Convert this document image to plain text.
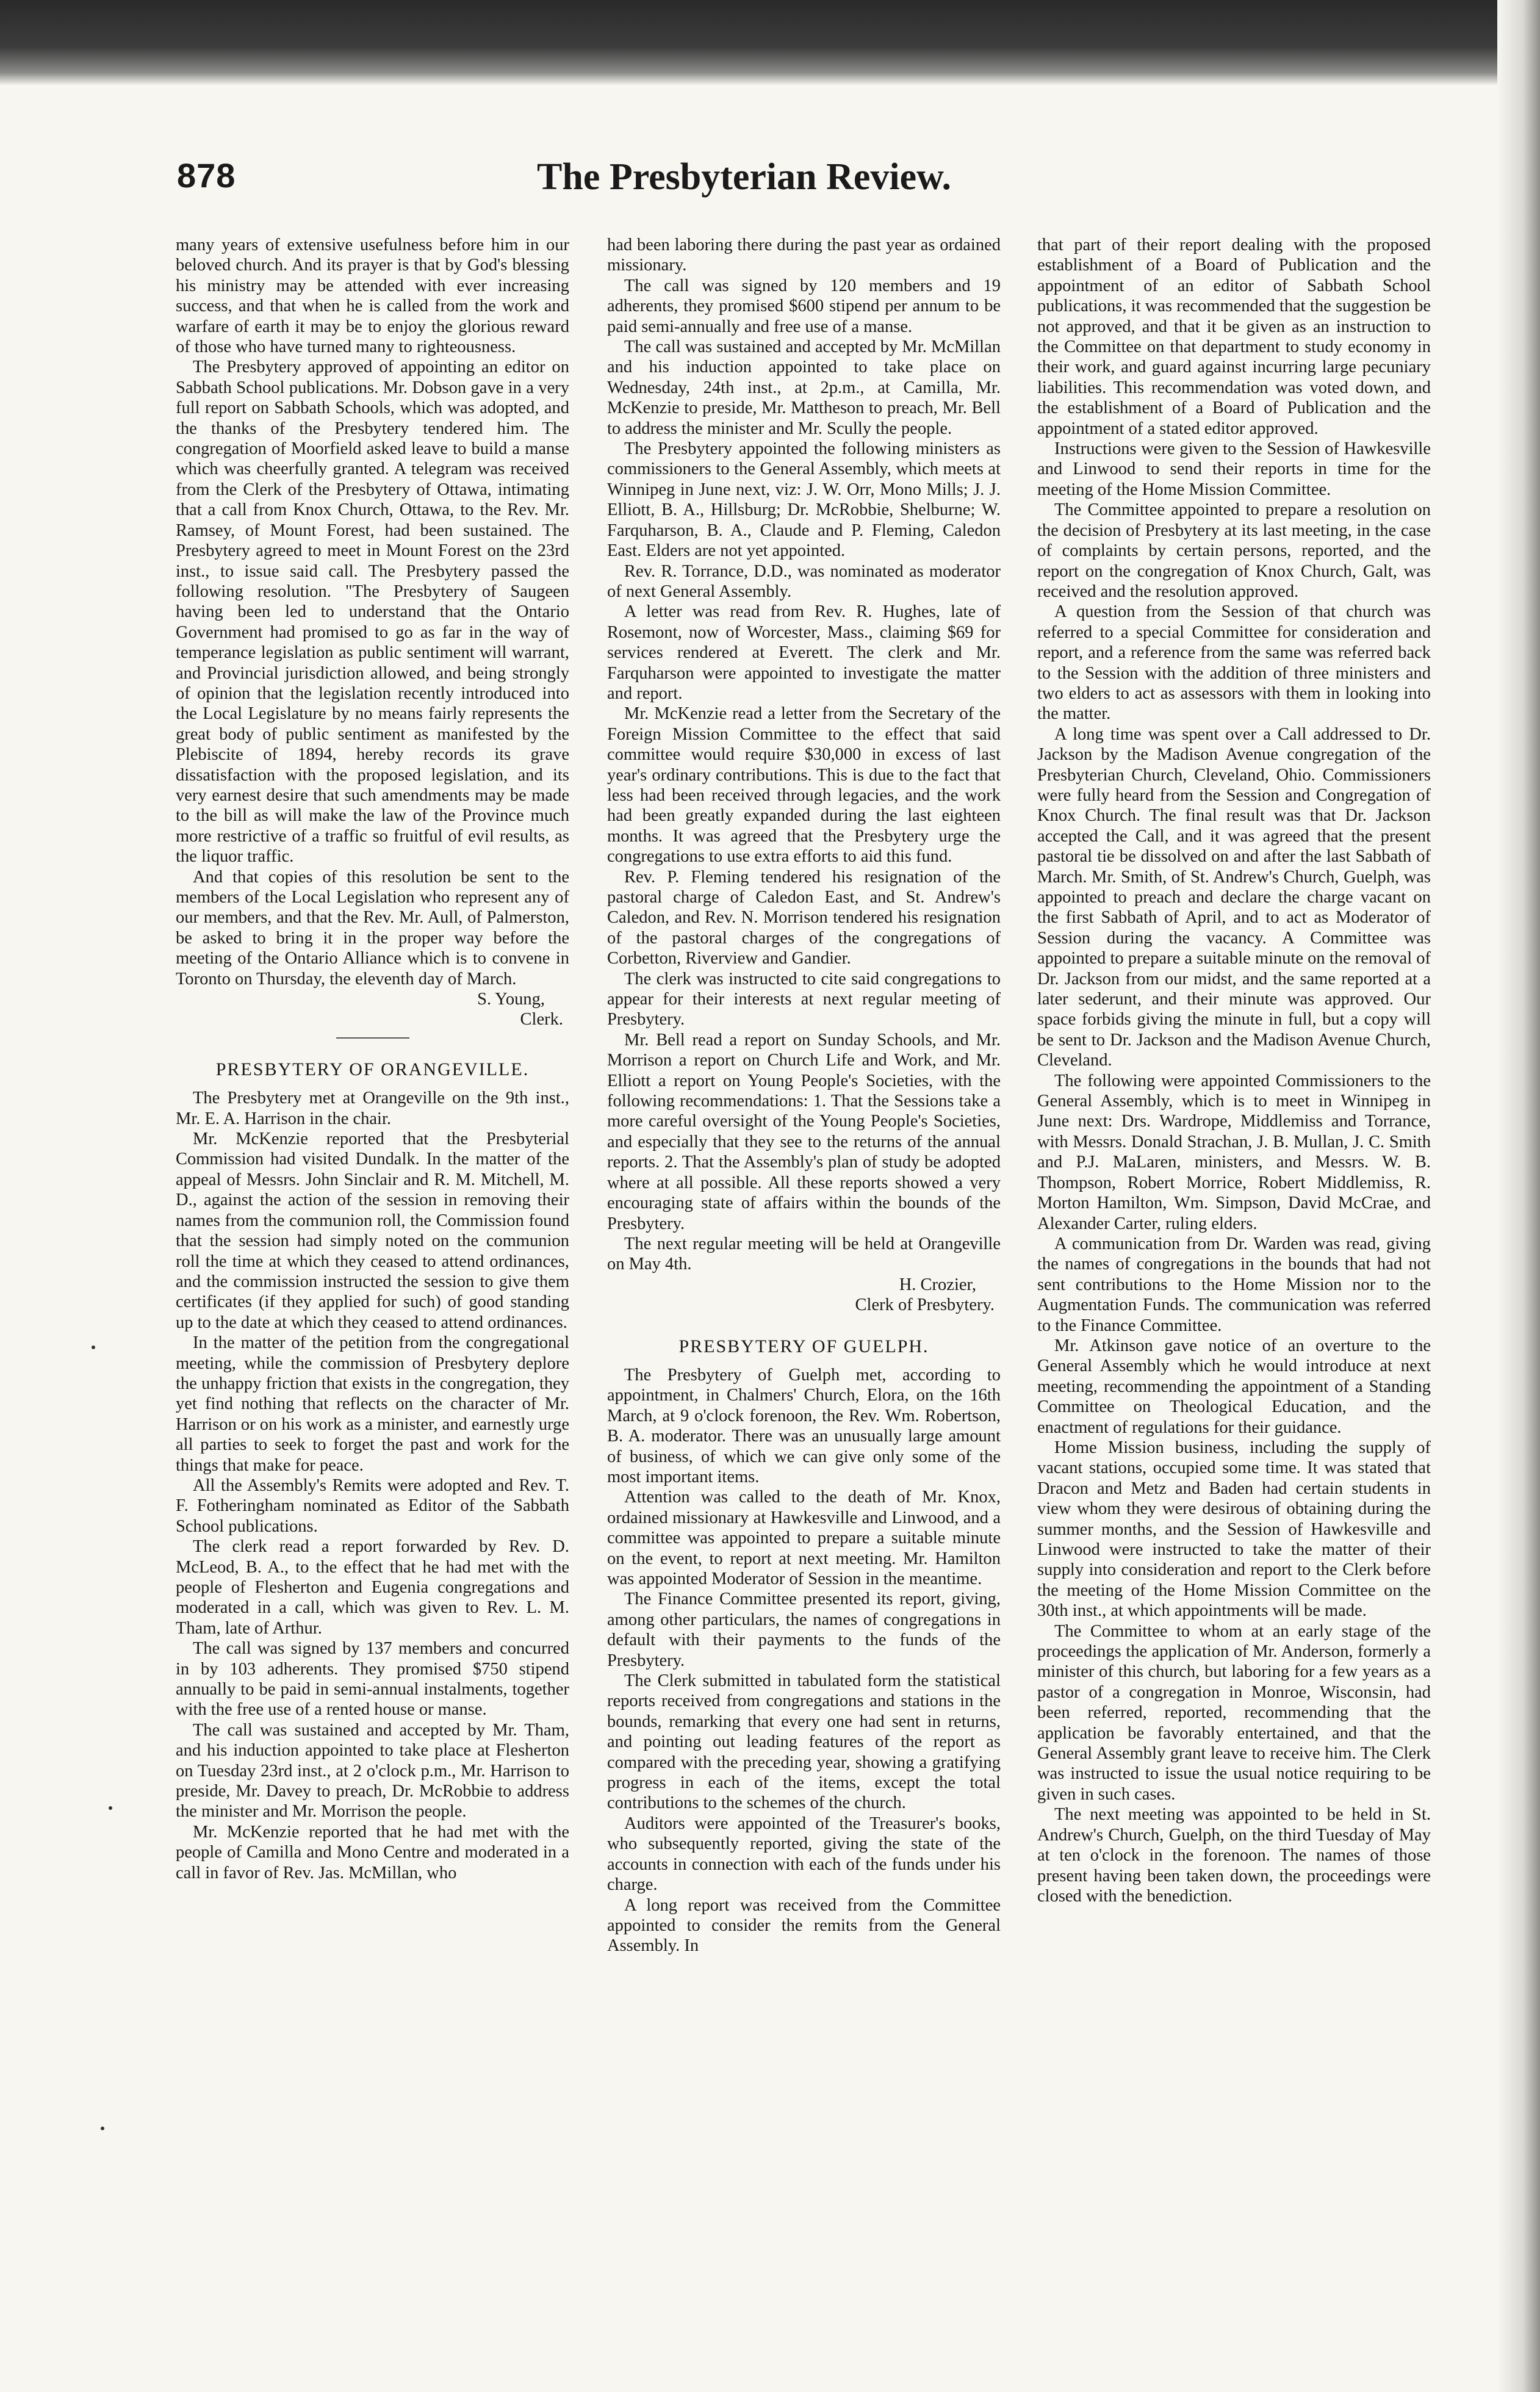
878	The Presbyterian Review.

many years of extensive usefulness before him in our beloved church. And its prayer is that by God's blessing his ministry may be attended with ever increasing success, and that when he is called from the work and warfare of earth it may be to enjoy the glorious reward of those who have turned many to righteousness.

The Presbytery approved of appointing an editor on Sabbath School publications. Mr. Dobson gave in a very full report on Sabbath Schools, which was adopted, and the thanks of the Presbytery tendered him. The congregation of Moorfield asked leave to build a manse which was cheerfully granted. A telegram was received from the Clerk of the Presbytery of Ottawa, intimating that a call from Knox Church, Ottawa, to the Rev. Mr. Ramsey, of Mount Forest, had been sustained. The Presbytery agreed to meet in Mount Forest on the 23rd inst., to issue said call. The Presbytery passed the following resolution. "The Presbytery of Saugeen having been led to understand that the Ontario Government had promised to go as far in the way of temperance legislation as public sentiment will warrant, and Provincial jurisdiction allowed, and being strongly of opinion that the legislation recently introduced into the Local Legislature by no means fairly represents the great body of public sentiment as manifested by the Plebiscite of 1894, hereby records its grave dissatisfaction with the proposed legislation, and its very earnest desire that such amendments may be made to the bill as will make the law of the Province much more restrictive of a traffic so fruitful of evil results, as the liquor traffic.

And that copies of this resolution be sent to the members of the Local Legislation who represent any of our members, and that the Rev. Mr. Aull, of Palmerston, be asked to bring it in the proper way before the meeting of the Ontario Alliance which is to convene in Toronto on Thursday, the eleventh day of March.

S. Young,
Clerk.
PRESBYTERY OF ORANGEVILLE.

The Presbytery met at Orangeville on the 9th inst., Mr. E. A. Harrison in the chair.

Mr. McKenzie reported that the Presbyterial Commission had visited Dundalk. In the matter of the appeal of Messrs. John Sinclair and R. M. Mitchell, M. D., against the action of the session in removing their names from the communion roll, the Commission found that the session had simply noted on the communion roll the time at which they ceased to attend ordinances, and the commission instructed the session to give them certificates (if they applied for such) of good standing up to the date at which they ceased to attend ordinances.

In the matter of the petition from the congregational meeting, while the commission of Presbytery deplore the unhappy friction that exists in the congregation, they yet find nothing that reflects on the character of Mr. Harrison or on his work as a minister, and earnestly urge all parties to seek to forget the past and work for the things that make for peace.

All the Assembly's Remits were adopted and Rev. T. F. Fotheringham nominated as Editor of the Sabbath School publications.

The clerk read a report forwarded by Rev. D. McLeod, B. A., to the effect that he had met with the people of Flesherton and Eugenia congregations and moderated in a call, which was given to Rev. L. M. Tham, late of Arthur.

The call was signed by 137 members and concurred in by 103 adherents. They promised $750 stipend annually to be paid in semi-annual instalments, together with the free use of a rented house or manse.

The call was sustained and accepted by Mr. Tham, and his induction appointed to take place at Flesherton on Tuesday 23rd inst., at 2 o'clock p.m., Mr. Harrison to preside, Mr. Davey to preach, Dr. McRobbie to address the minister and Mr. Morrison the people.

Mr. McKenzie reported that he had met with the people of Camilla and Mono Centre and moderated in a call in favor of Rev. Jas. McMillan, who

had been laboring there during the past year as ordained missionary.

The call was signed by 120 members and 19 adherents, they promised $600 stipend per annum to be paid semi-annually and free use of a manse.

The call was sustained and accepted by Mr. McMillan and his induction appointed to take place on Wednesday, 24th inst., at 2p.m., at Camilla, Mr. McKenzie to preside, Mr. Mattheson to preach, Mr. Bell to address the minister and Mr. Scully the people.

The Presbytery appointed the following ministers as commissioners to the General Assembly, which meets at Winnipeg in June next, viz: J. W. Orr, Mono Mills; J. J. Elliott, B. A., Hillsburg; Dr. McRobbie, Shelburne; W. Farquharson, B. A., Claude and P. Fleming, Caledon East. Elders are not yet appointed.

Rev. R. Torrance, D.D., was nominated as moderator of next General Assembly.

A letter was read from Rev. R. Hughes, late of Rosemont, now of Worcester, Mass., claiming $69 for services rendered at Everett. The clerk and Mr. Farquharson were appointed to investigate the matter and report.

Mr. McKenzie read a letter from the Secretary of the Foreign Mission Committee to the effect that said committee would require $30,000 in excess of last year's ordinary contributions. This is due to the fact that less had been received through legacies, and the work had been greatly expanded during the last eighteen months. It was agreed that the Presbytery urge the congregations to use extra efforts to aid this fund.

Rev. P. Fleming tendered his resignation of the pastoral charge of Caledon East, and St. Andrew's Caledon, and Rev. N. Morrison tendered his resignation of the pastoral charges of the congregations of Corbetton, Riverview and Gandier.

The clerk was instructed to cite said congregations to appear for their interests at next regular meeting of Presbytery.

Mr. Bell read a report on Sunday Schools, and Mr. Morrison a report on Church Life and Work, and Mr. Elliott a report on Young People's Societies, with the following recommendations: 1. That the Sessions take a more careful oversight of the Young People's Societies, and especially that they see to the returns of the annual reports. 2. That the Assembly's plan of study be adopted where at all possible. All these reports showed a very encouraging state of affairs within the bounds of the Presbytery.

The next regular meeting will be held at Orangeville on May 4th.

H. Crozier,
Clerk of Presbytery.
PRESBYTERY OF GUELPH.

The Presbytery of Guelph met, according to appointment, in Chalmers' Church, Elora, on the 16th March, at 9 o'clock forenoon, the Rev. Wm. Robertson, B. A. moderator. There was an unusually large amount of business, of which we can give only some of the most important items.

Attention was called to the death of Mr. Knox, ordained missionary at Hawkesville and Linwood, and a committee was appointed to prepare a suitable minute on the event, to report at next meeting. Mr. Hamilton was appointed Moderator of Session in the meantime.

The Finance Committee presented its report, giving, among other particulars, the names of congregations in default with their payments to the funds of the Presbytery.

The Clerk submitted in tabulated form the statistical reports received from congregations and stations in the bounds, remarking that every one had sent in returns, and pointing out leading features of the report as compared with the preceding year, showing a gratifying progress in each of the items, except the total contributions to the schemes of the church.

Auditors were appointed of the Treasurer's books, who subsequently reported, giving the state of the accounts in connection with each of the funds under his charge.

A long report was received from the Committee appointed to consider the remits from the General Assembly. In

that part of their report dealing with the proposed establishment of a Board of Publication and the appointment of an editor of Sabbath School publications, it was recommended that the suggestion be not approved, and that it be given as an instruction to the Committee on that department to study economy in their work, and guard against incurring large pecuniary liabilities. This recommendation was voted down, and the establishment of a Board of Publication and the appointment of a stated editor approved.

Instructions were given to the Session of Hawkesville and Linwood to send their reports in time for the meeting of the Home Mission Committee.

The Committee appointed to prepare a resolution on the decision of Presbytery at its last meeting, in the case of complaints by certain persons, reported, and the report on the congregation of Knox Church, Galt, was received and the resolution approved.

A question from the Session of that church was referred to a special Committee for consideration and report, and a reference from the same was referred back to the Session with the addition of three ministers and two elders to act as assessors with them in looking into the matter.

A long time was spent over a Call addressed to Dr. Jackson by the Madison Avenue congregation of the Presbyterian Church, Cleveland, Ohio. Commissioners were fully heard from the Session and Congregation of Knox Church. The final result was that Dr. Jackson accepted the Call, and it was agreed that the present pastoral tie be dissolved on and after the last Sabbath of March. Mr. Smith, of St. Andrew's Church, Guelph, was appointed to preach and declare the charge vacant on the first Sabbath of April, and to act as Moderator of Session during the vacancy. A Committee was appointed to prepare a suitable minute on the removal of Dr. Jackson from our midst, and the same reported at a later sederunt, and their minute was approved. Our space forbids giving the minute in full, but a copy will be sent to Dr. Jackson and the Madison Avenue Church, Cleveland.

The following were appointed Commissioners to the General Assembly, which is to meet in Winnipeg in June next: Drs. Wardrope, Middlemiss and Torrance, with Messrs. Donald Strachan, J. B. Mullan, J. C. Smith and P.J. MaLaren, ministers, and Messrs. W. B. Thompson, Robert Morrice, Robert Middlemiss, R. Morton Hamilton, Wm. Simpson, David McCrae, and Alexander Carter, ruling elders.

A communication from Dr. Warden was read, giving the names of congregations in the bounds that had not sent contributions to the Home Mission nor to the Augmentation Funds. The communication was referred to the Finance Committee.

Mr. Atkinson gave notice of an overture to the General Assembly which he would introduce at next meeting, recommending the appointment of a Standing Committee on Theological Education, and the enactment of regulations for their guidance.

Home Mission business, including the supply of vacant stations, occupied some time. It was stated that Dracon and Metz and Baden had certain students in view whom they were desirous of obtaining during the summer months, and the Session of Hawkesville and Linwood were instructed to take the matter of their supply into consideration and report to the Clerk before the meeting of the Home Mission Committee on the 30th inst., at which appointments will be made.

The Committee to whom at an early stage of the proceedings the application of Mr. Anderson, formerly a minister of this church, but laboring for a few years as a pastor of a congregation in Monroe, Wisconsin, had been referred, reported, recommending that the application be favorably entertained, and that the General Assembly grant leave to receive him. The Clerk was instructed to issue the usual notice requiring to be given in such cases.

The next meeting was appointed to be held in St. Andrew's Church, Guelph, on the third Tuesday of May at ten o'clock in the forenoon. The names of those present having been taken down, the proceedings were closed with the benediction.
